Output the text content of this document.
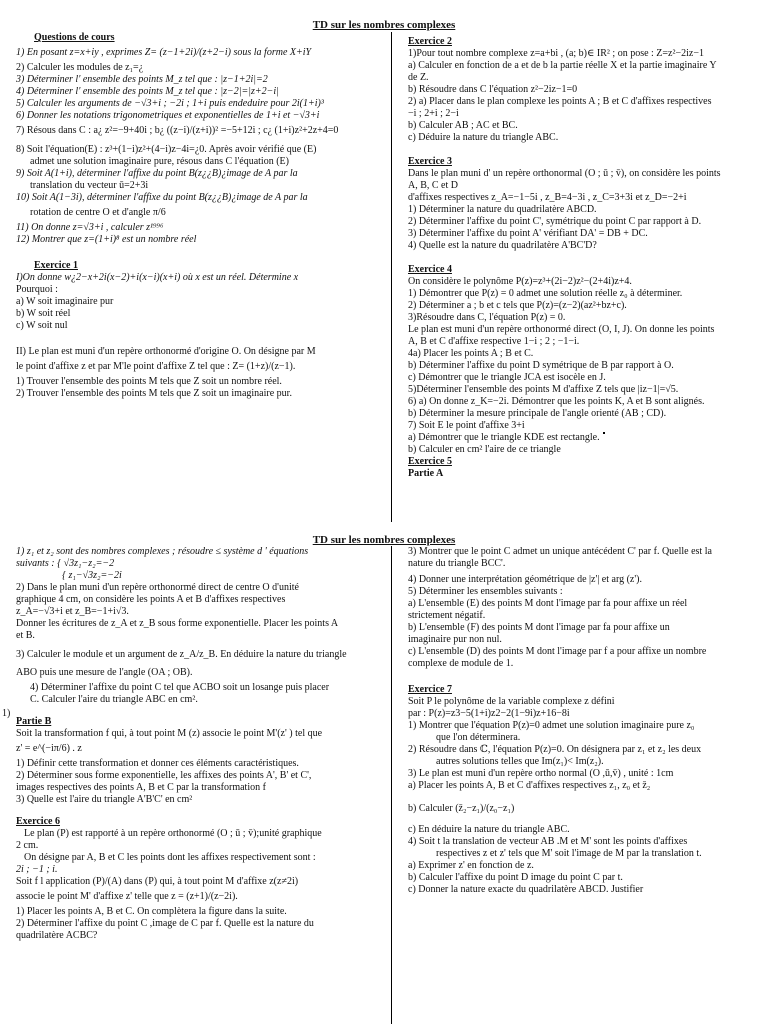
TD sur les nombres complexes

Questions de cours

1) En posant z=x+iy , exprimes Z= (z−1+2i)/(z+2−i) sous la forme X+iY

2) Calculer les modules de z₁=¿

3) Déterminer l' ensemble des points M_z tel que : |z−1+2i|=2

4) Déterminer l' ensemble des points M_z tel que : |z−2|=|z+2−i|

5) Calculer les arguments de −√3+i ; −2i ; 1+i puis endeduire pour 2i(1+i)³

6) Donner les notations trigonometriques et exponentielles de 1+i et −√3+i

7) Résous dans C : a¿ z²=−9+40i ; b¿ ((z−i)/(z+i))² =−5+12i ; c¿ (1+i)z²+2z+4=0

8) Soit l'équation(E) : z³+(1−i)z²+(4−i)z−4i=¿0. Après avoir vérifié que (E)

admet une solution imaginaire pure, résous dans C l'équation (E)

9) Soit A(1+i), déterminer l'affixe du point B(z¿¿B)¿image de A par la

translation du vecteur ū=2+3i

10) Soit A(1−3i), déterminer l'affixe du point B(z¿¿B)¿image de A par la

rotation de centre O et d'angle π/6

11) On donne z=√3+i , calculer z¹⁹⁹⁶

12) Montrer que z=(1+i)⁸ est un nombre réel

Exercice 1

I)On donne w¿2−x+2i(x−2)+i(x−i)(x+i) où x est un réel. Détermine x

Pourquoi :

a) W soit imaginaire pur

b) W soit réel

c) W soit nul

II) Le plan est muni d'un repère orthonormé d'origine O. On désigne par M

le point d'affixe z et par M'le point d'affixe Z tel que : Z= (1+z)/(z−1).

1) Trouver l'ensemble des points M tels que Z soit un nombre réel.

2) Trouver l'ensemble des points M tels que Z soit un imaginaire pur.

Exercice 2

1)Pour tout nombre complexe z=a+bi , (a; b)∈ IR² ; on pose : Z=z²−2iz−1

a) Calculer en fonction de a et de b la partie réelle X et la partie imaginaire Y

de Z.

b) Résoudre dans C l'équation z²−2iz−1=0

2) a) Placer dans le plan complexe les points A ; B et C d'affixes respectives

−i ; 2+i ; 2−i

b) Calculer AB ; AC et BC.

c) Déduire la nature du triangle ABC.

Exercice 3

Dans le plan muni d' un repère orthonormal (O ; ū ; v̄), on considère les points

A, B, C et D

d'affixes respectives z_A=−1−5i , z_B=4−3i , z_C=3+3i et z_D=−2+i

1) Déterminer la nature du quadrilatère ABCD.

2) Déterminer l'affixe du point C', symétrique du point C par rapport à D.

3) Déterminer l'affixe du point A' vérifiant DA' = DB + DC.

4) Quelle est la nature du quadrilatère A'BC'D?

Exercice 4

On considère le polynôme P(z)=z³+(2i−2)z²−(2+4i)z+4.

1) Démontrer que P(z) = 0 admet une solution réelle z₀ à déterminer.

2) Déterminer a ; b et c tels que P(z)=(z−2)(az²+bz+c).

3)Résoudre dans C, l'équation P(z) = 0.

Le plan est muni d'un repère orthonormé direct (O, I, J). On donne les points

A, B et C d'affixe respective 1−i ; 2 ; −1−i.

4a) Placer les points A ; B et C.

b) Déterminer l'affixe du point D symétrique de B par rapport à O.

c) Démontrer que le triangle JCA est isocèle en J.

5)Déterminer l'ensemble des points M d'affixe Z tels que |iz−1|=√5.

6) a) On donne z_K=−2i. Démontrer que les points K, A et B sont alignés.

b) Déterminer la mesure principale de l'angle orienté (AB ; CD).

7) Soit E le point d'affixe 3+i

a) Démontrer que le triangle KDE est rectangle.

b) Calculer en cm² l'aire de ce triangle

Exercice 5

Partie A

TD sur les nombres complexes
1)

1) z₁ et z₂ sont des nombres complexes ; résoudre ≤ système d ' équations

suivants : { √3z₁−z₂=−2

{ z₁−√3z₂=−2i

2) Dans le plan muni d'un repère orthonormé direct de centre O d'unité

graphique 4 cm, on considère les points A et B d'affixes respectives

z_A=−√3+i et z_B=−1+i√3.

Donner les écritures de z_A et z_B sous forme exponentielle. Placer les points A

et B.

3) Calculer le module et un argument de z_A/z_B. En déduire la nature du triangle

ABO puis une mesure de l'angle (OA ; OB).

4) Déterminer l'affixe du point C tel que ACBO soit un losange puis placer

C. Calculer l'aire du triangle ABC en cm².

Partie B

Soit la transformation f qui, à tout point M (z) associe le point M'(z' ) tel que

z' = e^(−iπ/6) . z

1) Définir cette transformation et donner ces éléments caractéristiques.

2) Déterminer sous forme exponentielle, les affixes des points A', B' et C',

images respectives des points A, B et C par la transformation f

3) Quelle est l'aire du triangle A'B'C' en cm²

Exercice 6

Le plan (P) est rapporté à un repère orthonormé (O ; ū ; v̄);unité graphique

2 cm.

On désigne par A, B et C les points dont les affixes respectivement sont :

2i ; −1 ; i.

Soit f l application (P)/(A) dans (P) qui, à tout point M d'affixe z(z≠2i)

associe le point M' d'affixe z' telle que z = (z+1)/(z−2i).

1) Placer les points A, B et C. On complètera la figure dans la suite.

2) Déterminer l'affixe du point C ,image de C par f. Quelle est la nature du

quadrilatère ACBC?

3) Montrer que le point C admet un unique antécédent C' par f. Quelle est la

nature du triangle BCC'.

4) Donner une interprétation géométrique de |z'| et arg (z').

5) Déterminer les ensembles suivants :

a) L'ensemble (E) des points M dont l'image par fa pour affixe un réel

strictement négatif.

b) L'ensemble (F) des points M dont l'image par fa pour affixe un

imaginaire pur non nul.

c) L'ensemble (D) des points M dont l'image par f a pour affixe un nombre

complexe de module de 1.

Exercice 7

Soit P le polynôme de la variable complexe z défini

par : P(z)=z3−5(1+i)z2−2(1−9i)z+16−8i

1) Montrer que l'équation P(z)=0 admet une solution imaginaire pure z₀

que l'on déterminera.

2) Résoudre dans ℂ, l'équation P(z)=0. On désignera par z₁ et z₂ les deux

autres solutions telles que Im(z₁)< Im(z₂).

3) Le plan est muni d'un repère ortho normal (O ,ū,v̄) , unité : 1cm

a) Placer les points A, B et C d'affixes respectives z₁, z₀ et z̄₂

b) Calculer (z̄₂−z₁)/(z₀−z₁)

c) En déduire la nature du triangle ABC.

4) Soit t la translation de vecteur AB .M et M' sont les points d'affixes

respectives z et z' tels que M' soit l'image de M par la translation t.

a) Exprimer z' en fonction de z.

b) Calculer l'affixe du point D image du point C par t.

c) Donner la nature exacte du quadrilatère ABCD. Justifier
